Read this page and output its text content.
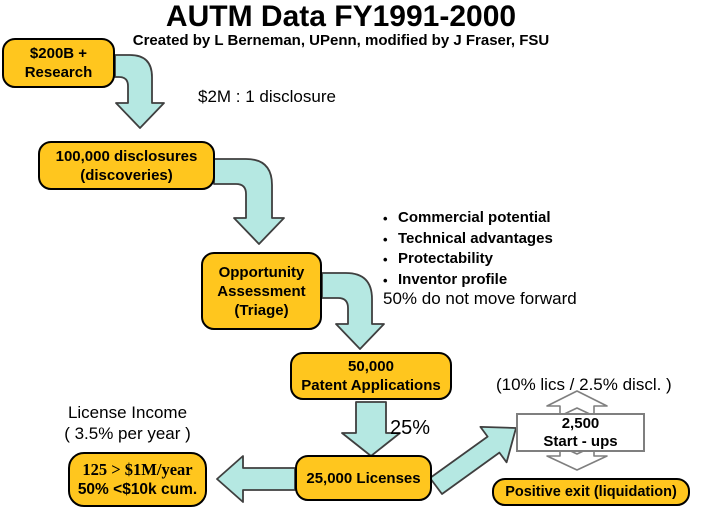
AUTM Data FY1991-2000
Created by L Berneman, UPenn, modified by J Fraser, FSU
$200B +
Research
100,000 disclosures
(discoveries)
Opportunity
Assessment
(Triage)
50,000
Patent Applications
25,000 Licenses
125 > $1M/year
50% <$10k cum.
2,500
Start - ups
Positive exit (liquidation)
$2M : 1 disclosure
•
Commercial potential
•
Technical advantages
•
Protectability
•
Inventor profile
50% do not move forward
25%
License Income
( 3.5% per year )
(10% lics / 2.5% discl. )
